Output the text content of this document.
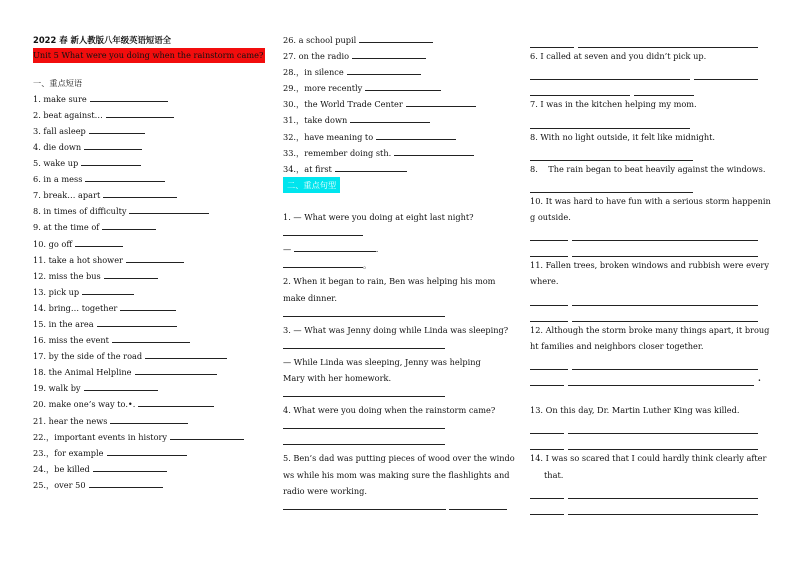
2022 春 新人教版八年级英语短语全
Unit 5 What were you doing when the rainstorm came?
一、重点短语
1. make sure
2. beat against…
3. fall asleep
4. die down
5. wake up
6. in a mess
7. break… apart
8. in times of difficulty
9. at the time of
10. go off
11. take a hot shower
12. miss the bus
13. pick up
14. bring… together
15. in the area
16. miss the event
17. by the side of the road
18. the Animal Helpline
19. walk by
20. make one’s way to.•.
21. hear the news
22.，important events in history
23.，for example
24.，be killed
25.，over 50
26. a school pupil
27. on the radio
28.，in silence
29.，more recently
30.，the World Trade Center
31.，take down
32.，have meaning to
33.，remember doing sth.
34.，at first
二、重点句型
1. — What were you doing at eight last night?
—	.
。
2. When it began to rain, Ben was helping his mom
make dinner.
3. — What was Jenny doing while Linda was sleeping?
— While Linda was sleeping, Jenny was helping
Mary with her homework.
4. What were you doing when the rainstorm came?
5. Ben’s dad was putting pieces of wood over the windo
ws while his mom was making sure the flashlights and
radio were working.

6. I called at seven and you didn’t pick up.
7. I was in the kitchen helping my mom.
8. With no light outside, it felt like midnight.
8. The rain began to beat heavily against the windows.
10. It was hard to have fun with a serious storm happenin
g outside.
11. Fallen trees, broken windows and rubbish were every
where.
12. Although the storm broke many things apart, it broug
ht families and neighbors closer together.
.
13. On this day, Dr. Martin Luther King was killed.
14. I was so scared that I could hardly think clearly after
that.
